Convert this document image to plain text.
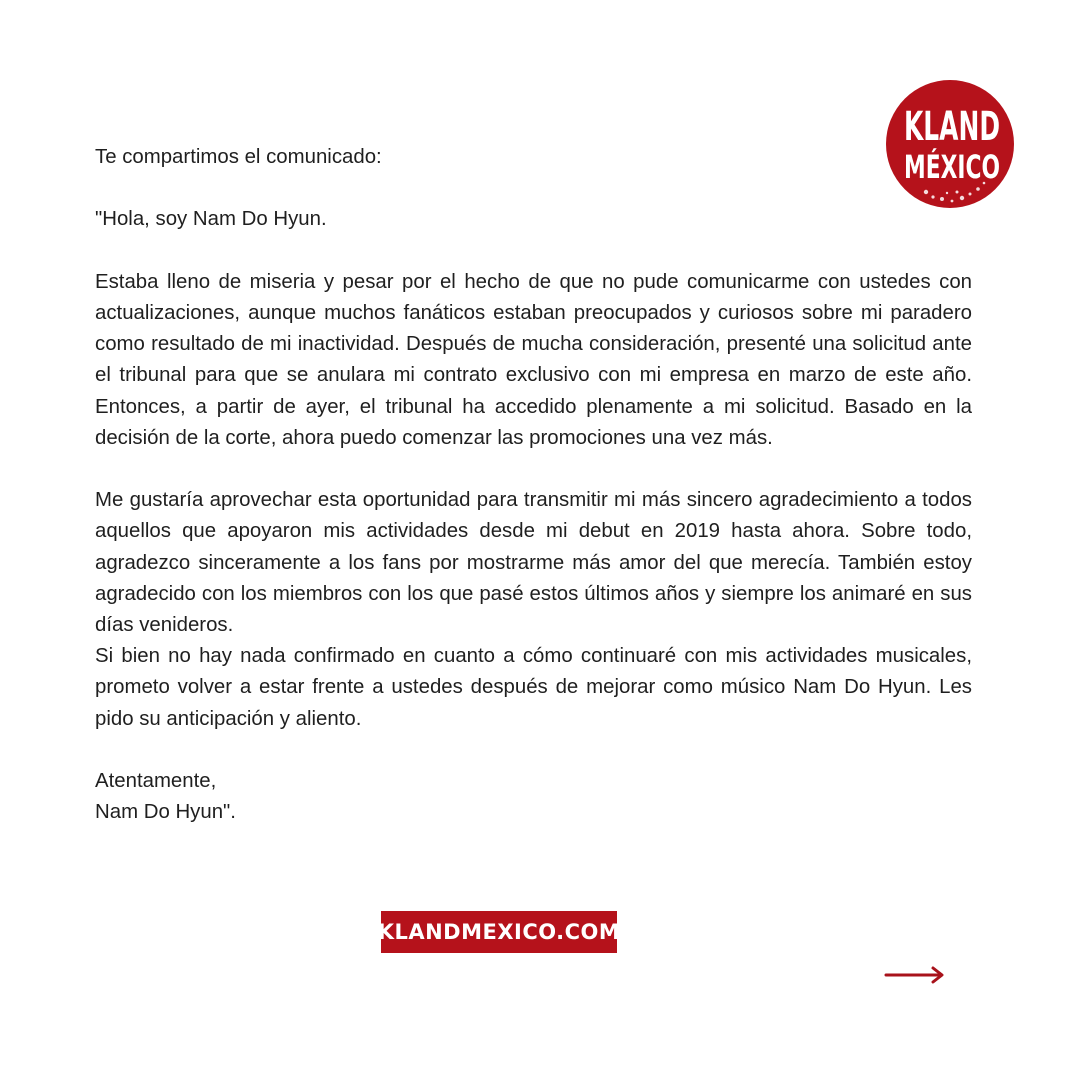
KLAND
MÉXICO

Te compartimos el comunicado:

"Hola, soy Nam Do Hyun.

Estaba lleno de miseria y pesar por el hecho de que no pude comunicarme con ustedes con actualizaciones, aunque muchos fanáticos estaban preocupados y curiosos sobre mi paradero como resultado de mi inactividad. Después de mucha consideración, presenté una solicitud ante el tribunal para que se anulara mi contrato exclusivo con mi empresa en marzo de este año. Entonces, a partir de ayer, el tribunal ha accedido plenamente a mi solicitud. Basado en la decisión de la corte, ahora puedo comenzar las promociones una vez más.

Me gustaría aprovechar esta oportunidad para transmitir mi más sincero agradecimiento a todos aquellos que apoyaron mis actividades desde mi debut en 2019 hasta ahora. Sobre todo, agradezco sinceramente a los fans por mostrarme más amor del que merecía. También estoy agradecido con los miembros con los que pasé estos últimos años y siempre los animaré en sus días venideros.

Si bien no hay nada confirmado en cuanto a cómo continuaré con mis actividades musicales, prometo volver a estar frente a ustedes después de mejorar como músico Nam Do Hyun. Les pido su anticipación y aliento.

Atentamente,

Nam Do Hyun".

KLANDMEXICO.COM
